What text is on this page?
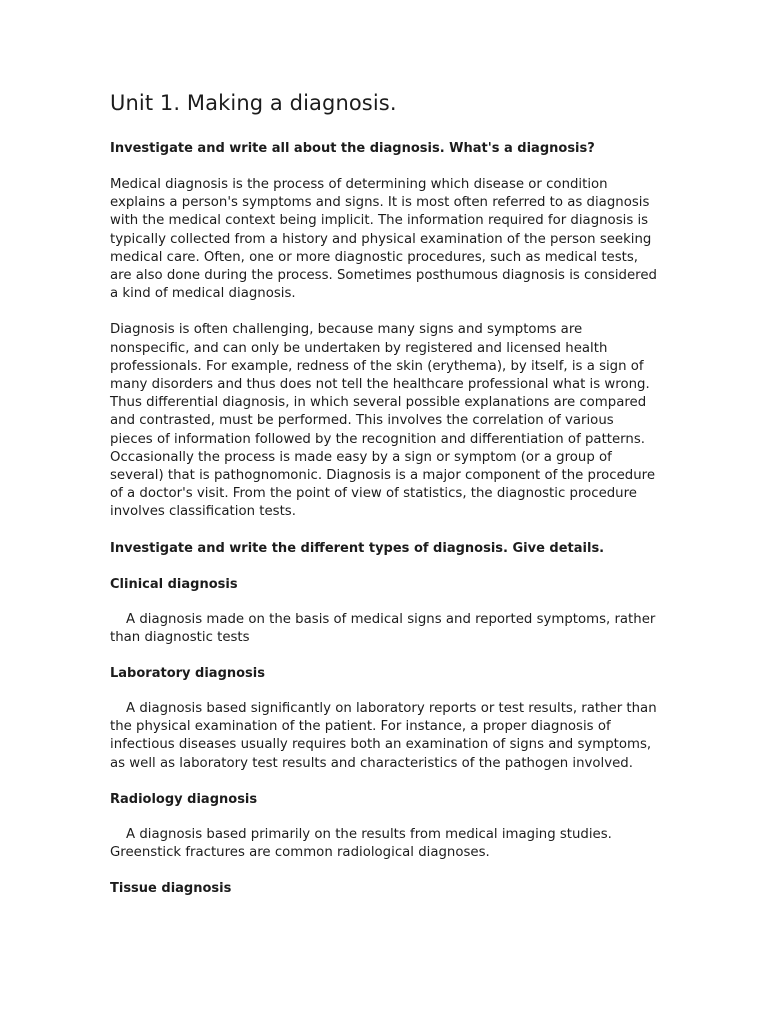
Unit 1. Making a diagnosis.

Investigate and write all about the diagnosis. What's a diagnosis?

Medical diagnosis is the process of determining which disease or condition explains a person's symptoms and signs. It is most often referred to as diagnosis with the medical context being implicit. The information required for diagnosis is typically collected from a history and physical examination of the person seeking medical care. Often, one or more diagnostic procedures, such as medical tests, are also done during the process. Sometimes posthumous diagnosis is considered a kind of medical diagnosis.

Diagnosis is often challenging, because many signs and symptoms are nonspecific, and can only be undertaken by registered and licensed health professionals. For example, redness of the skin (erythema), by itself, is a sign of many disorders and thus does not tell the healthcare professional what is wrong. Thus differential diagnosis, in which several possible explanations are compared and contrasted, must be performed. This involves the correlation of various pieces of information followed by the recognition and differentiation of patterns. Occasionally the process is made easy by a sign or symptom (or a group of several) that is pathognomonic. Diagnosis is a major component of the procedure of a doctor's visit. From the point of view of statistics, the diagnostic procedure involves classification tests.

Investigate and write the different types of diagnosis. Give details.

Clinical diagnosis

A diagnosis made on the basis of medical signs and reported symptoms, rather than diagnostic tests

Laboratory diagnosis

A diagnosis based significantly on laboratory reports or test results, rather than the physical examination of the patient. For instance, a proper diagnosis of infectious diseases usually requires both an examination of signs and symptoms, as well as laboratory test results and characteristics of the pathogen involved.

Radiology diagnosis

A diagnosis based primarily on the results from medical imaging studies. Greenstick fractures are common radiological diagnoses.

Tissue diagnosis
